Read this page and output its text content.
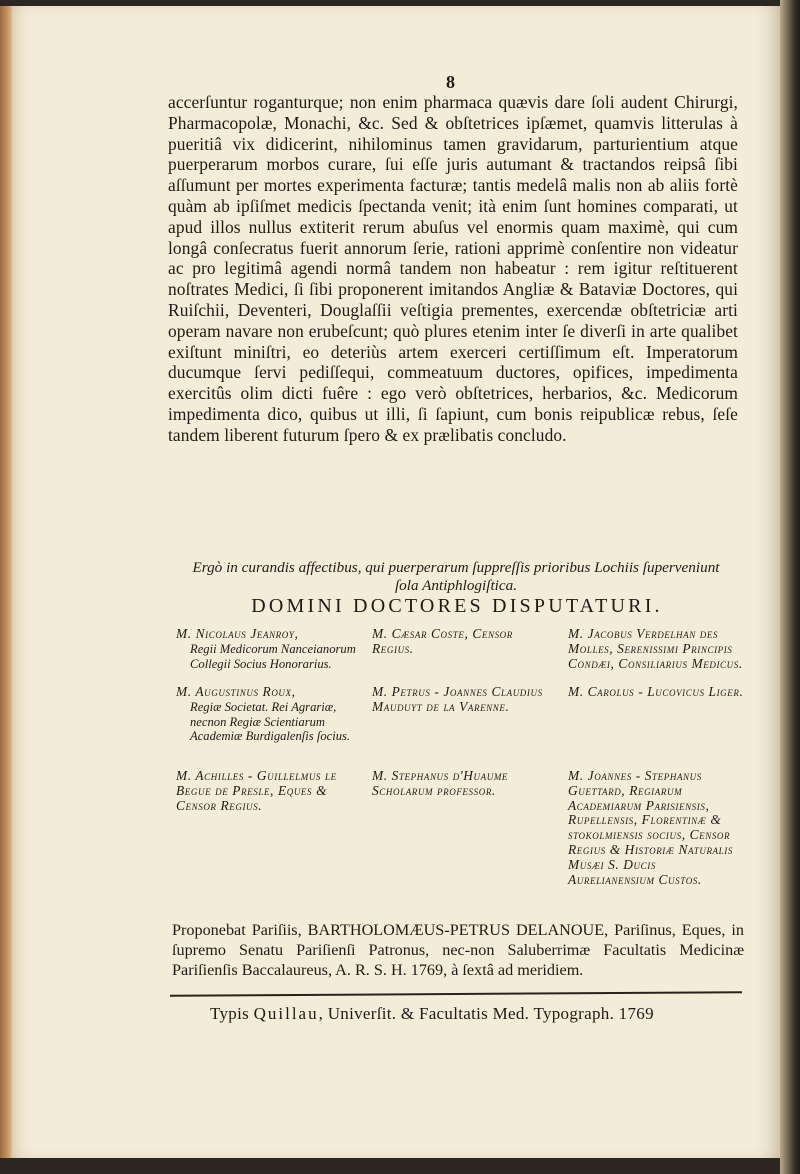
8

accerſuntur roganturque; non enim pharmaca quævis dare ſoli audent Chirurgi, Pharmacopolæ, Monachi, &c. Sed & obſtetrices ipſæmet, quamvis litterulas à pueritiâ vix didicerint, nihilominus tamen gravidarum, parturientium atque puerperarum morbos curare, ſui eſſe juris autumant & tractandos reipsâ ſibi aſſumunt per mortes experimenta facturæ; tantis medelâ malis non ab aliis fortè quàm ab ipſiſmet medicis ſpectanda venit; ità enim ſunt homines comparati, ut apud illos nullus extiterit rerum abuſus vel enormis quam maximè, qui cum longâ conſecratus fuerit annorum ſerie, rationi apprimè conſentire non videatur ac pro legitimâ agendi normâ tandem non habeatur : rem igitur reſtituerent noſtrates Medici, ſi ſibi proponerent imitandos Angliæ & Bataviæ Doctores, qui Ruiſchii, Deventeri, Douglaſſii veſtigia prementes, exercendæ obſtetriciæ arti operam navare non erubeſcunt; quò plures etenim inter ſe diverſi in arte qualibet exiſtunt miniſtri, eo deteriùs artem exerceri certiſſimum eſt. Imperatorum ducumque ſervi pediſſequi, commeatuum ductores, opifices, impedimenta exercitûs olim dicti fuêre : ego verò obſtetrices, herbarios, &c. Medicorum impedimenta dico, quibus ut illi, ſi ſapiunt, cum bonis reipublicæ rebus, ſeſe tandem liberent futurum ſpero & ex prælibatis concludo.

Ergò in curandis affectibus, qui puerperarum ſuppreſſis prioribus Lochiis ſuperveniunt ſola Antiphlogiſtica.
DOMINI DOCTORES DISPUTATURI.
M. Nicolaus Jeanroy,
Regii Medicorum Nanceianorum Collegii Socius Honorarius.
M. Augustinus Roux,
Regiæ Societat. Rei Agrariæ, necnon Regiæ Scientiarum Academiæ Burdigalenſis ſocius.
M. Achilles - Guillelmus le Begue de Presle, Eques & Cenſor Regius.
M. Cæsar Coste, Cenſor Regius.
M. Petrus - Joannes Claudius Mauduyt de la Varenne.
M. Stephanus d'Huaume Scholarum profeſſor.
M. Jacobus Verdelhan des Molles, Sereniſſimi Principis Condæi, Conſiliarius Medicus.
M. Carolus - Lucovicus Liger.
M. Joannes - Stephanus Guettard, Regiarum Academiarum Pariſienſis, Rupellenſis, Florentinæ & ſtokolmienſis ſocius, Cenſor Regius & Hiſtoriæ Naturalis Muſæi S. Ducis Aurelianenſium Cuſtos.
Proponebat Pariſiis, BARTHOLOMÆUS-PETRUS DELANOUE, Pariſinus, Eques, in ſupremo Senatu Pariſienſi Patronus, nec-non Saluberrimæ Facultatis Medicinæ Pariſienſis Baccalaureus, A. R. S. H. 1769, à ſextâ ad meridiem.
Typis Quillau, Univerſit. & Facultatis Med. Typograph. 1769
